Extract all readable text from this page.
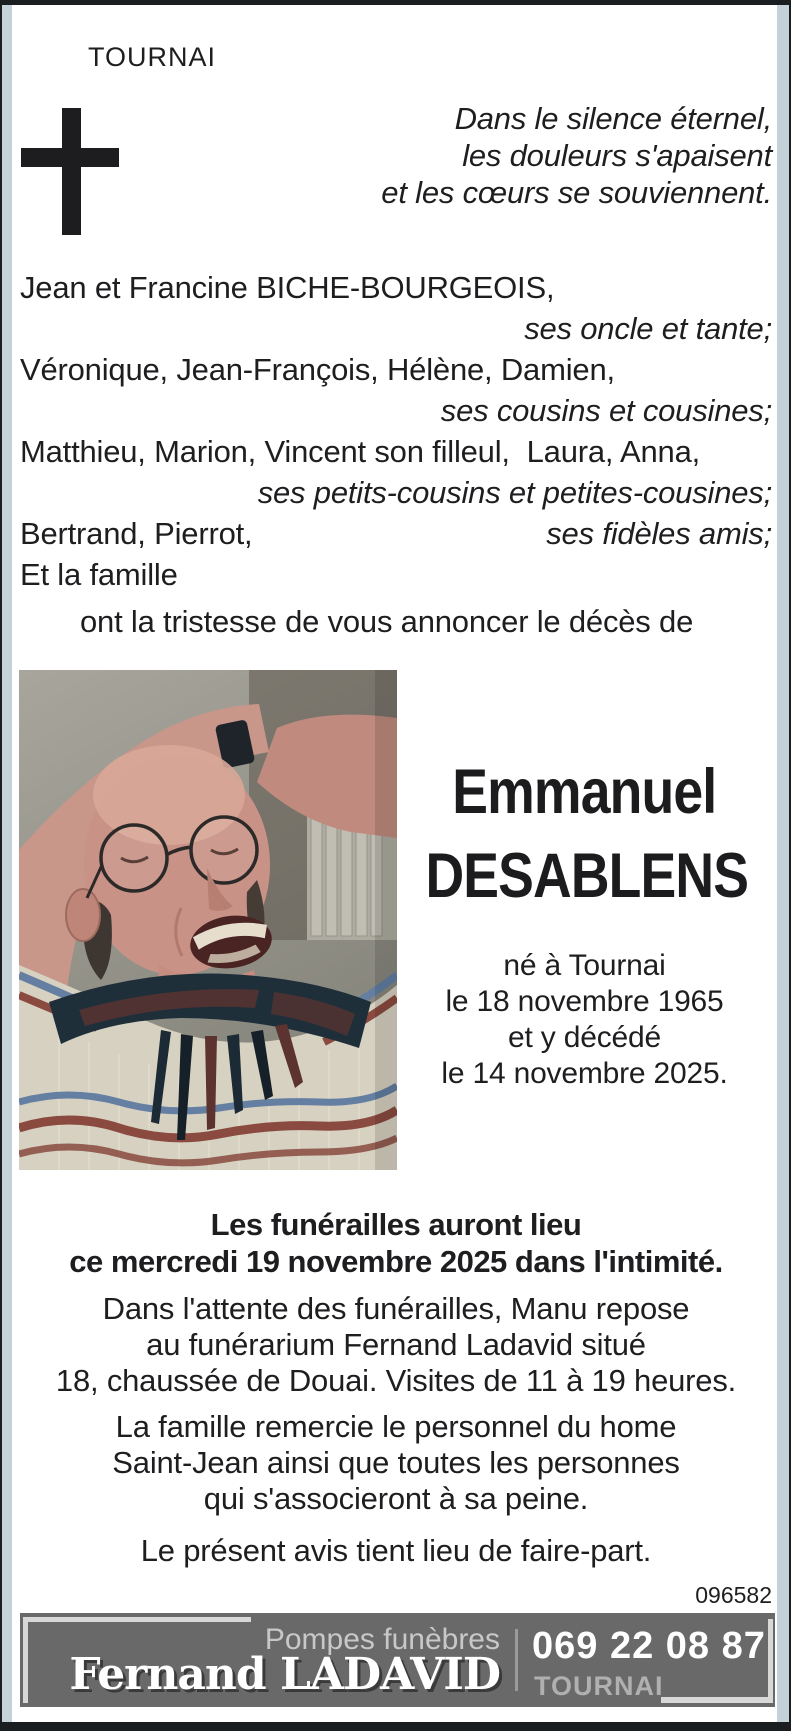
TOURNAI
Dans le silence éternel,
les douleurs s'apaisent
et les cœurs se souviennent.
Jean et Francine BICHE-BOURGEOIS,
ses oncle et tante;
Véronique, Jean-François, Hélène, Damien,
ses cousins et cousines;
Matthieu, Marion, Vincent son filleul,  Laura, Anna,
ses petits-cousins et petites-cousines;
Bertrand, Pierrot,	ses fidèles amis;
Et la famille
ont la tristesse de vous annoncer le décès de
Emmanuel
DESABLENS
né à Tournai
le 18 novembre 1965
et y décédé
le 14 novembre 2025.
Les funérailles auront lieu
ce mercredi 19 novembre 2025 dans l'intimité.
Dans l'attente des funérailles, Manu repose
au funérarium Fernand Ladavid situé
18, chaussée de Douai. Visites de 11 à 19 heures.
La famille remercie le personnel du home
Saint-Jean ainsi que toutes les personnes
qui s'associeront à sa peine.
Le présent avis tient lieu de faire-part.
096582
Pompes funèbres
Fernand LADAVID
069 22 08 87
TOURNAI
